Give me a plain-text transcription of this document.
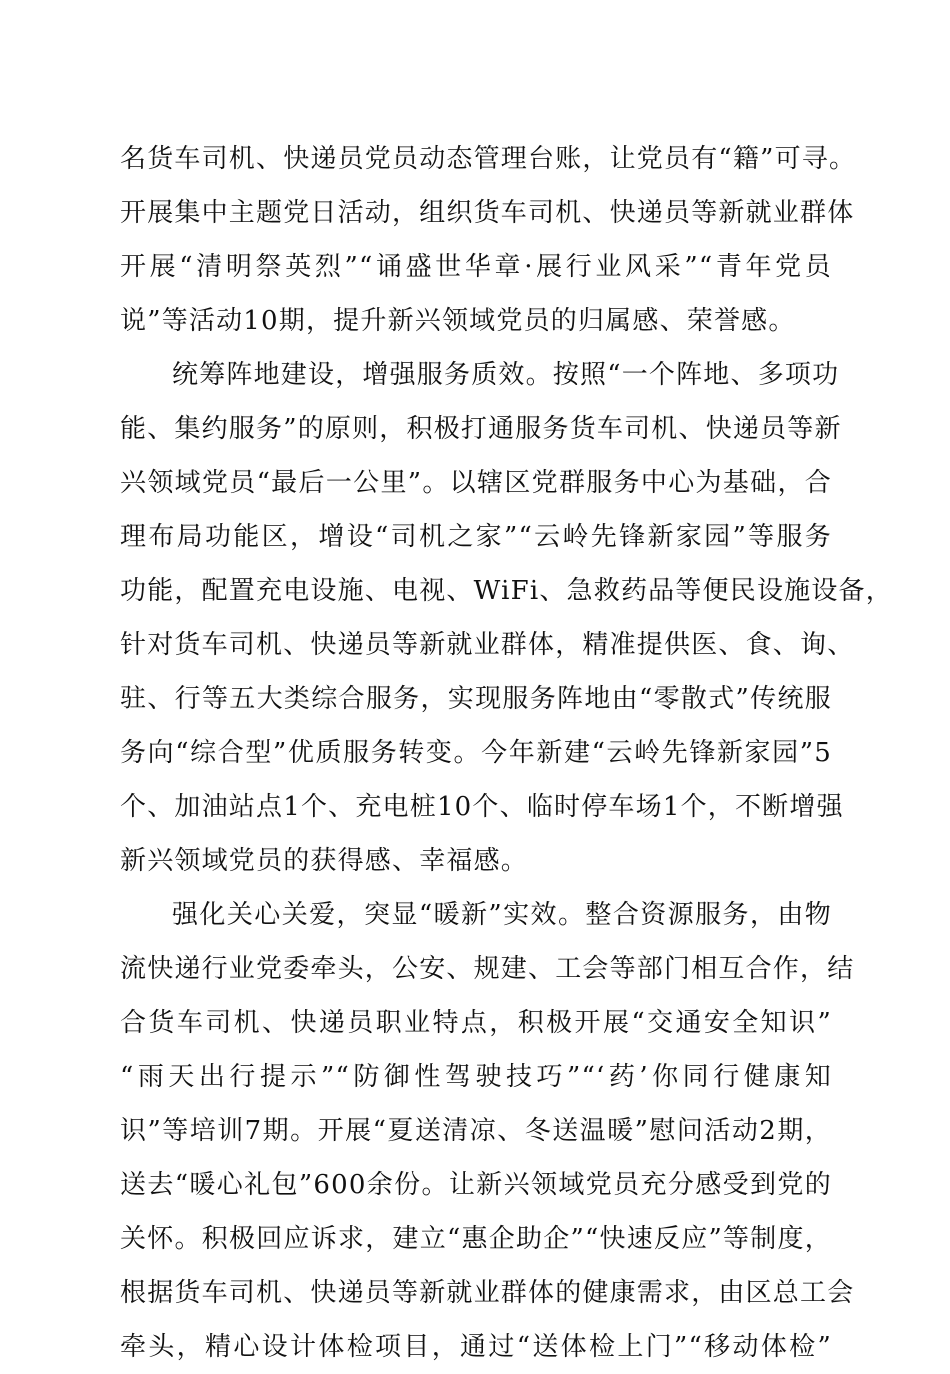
名货车司机、快递员党员动态管理台账，让党员有“籍”可寻。
开展集中主题党日活动，组织货车司机、快递员等新就业群体
开展“清明祭英烈”“诵盛世华章·展行业风采”“青年党员
说”等活动10期，提升新兴领域党员的归属感、荣誉感。
统筹阵地建设，增强服务质效。按照“一个阵地、多项功
能、集约服务”的原则，积极打通服务货车司机、快递员等新
兴领域党员“最后一公里”。以辖区党群服务中心为基础，合
理布局功能区，增设“司机之家”“云岭先锋新家园”等服务
功能，配置充电设施、电视、WiFi、急救药品等便民设施设备，
针对货车司机、快递员等新就业群体，精准提供医、食、询、
驻、行等五大类综合服务，实现服务阵地由“零散式”传统服
务向“综合型”优质服务转变。今年新建“云岭先锋新家园”5
个、加油站点1个、充电桩10个、临时停车场1个，不断增强
新兴领域党员的获得感、幸福感。
强化关心关爱，突显“暖新”实效。整合资源服务，由物
流快递行业党委牵头，公安、规建、工会等部门相互合作，结
合货车司机、快递员职业特点，积极开展“交通安全知识”
“雨天出行提示”“防御性驾驶技巧”“‘药’你同行健康知
识”等培训7期。开展“夏送清凉、冬送温暖”慰问活动2期，
送去“暖心礼包”600余份。让新兴领域党员充分感受到党的
关怀。积极回应诉求，建立“惠企助企”“快速反应”等制度，
根据货车司机、快递员等新就业群体的健康需求，由区总工会
牵头，精心设计体检项目，通过“送体检上门”“移动体检”
